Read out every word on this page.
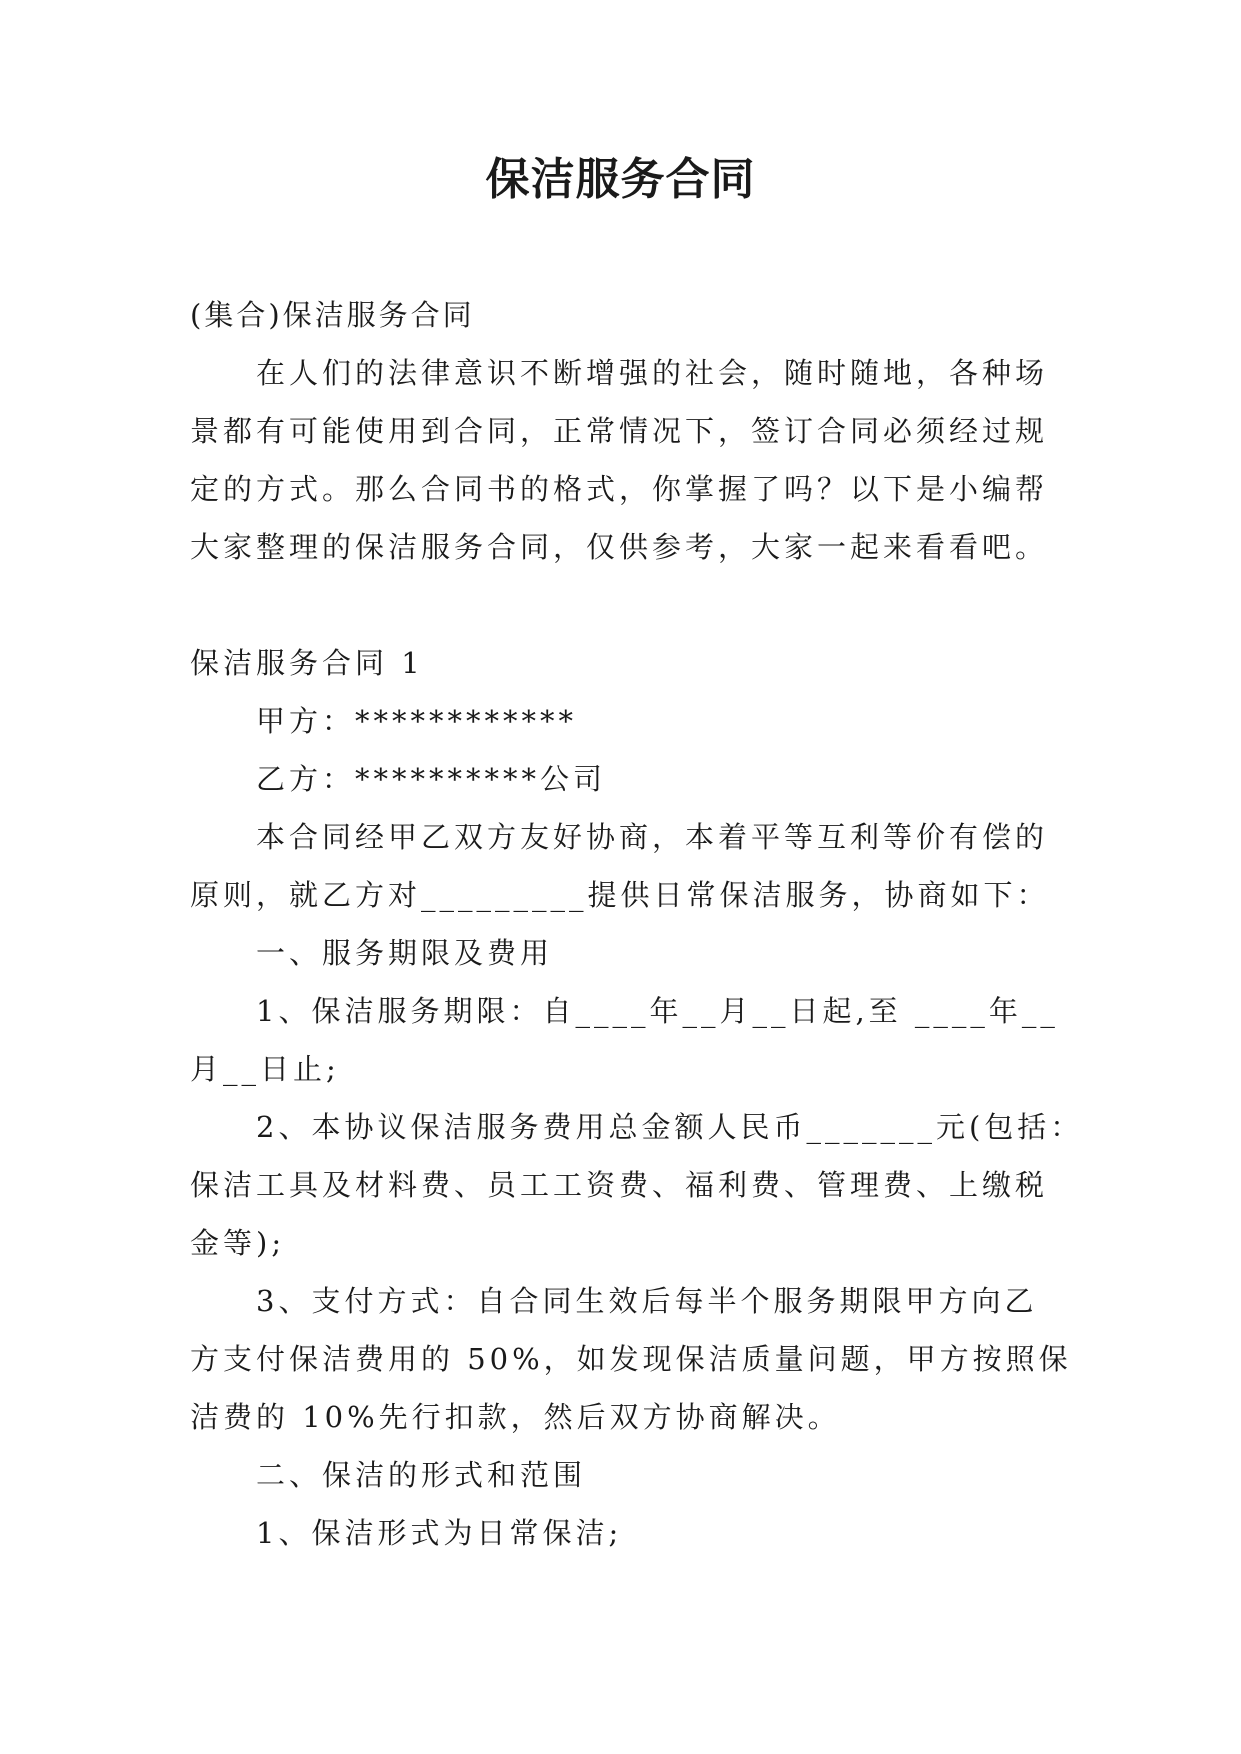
保洁服务合同
(集合)保洁服务合同
在人们的法律意识不断增强的社会，随时随地，各种场
景都有可能使用到合同，正常情况下，签订合同必须经过规
定的方式。那么合同书的格式，你掌握了吗？以下是小编帮
大家整理的保洁服务合同，仅供参考，大家一起来看看吧。
保洁服务合同 1
甲方：************
乙方：**********公司
本合同经甲乙双方友好协商，本着平等互利等价有偿的
原则，就乙方对_________提供日常保洁服务，协商如下：
一、服务期限及费用
1、保洁服务期限：自____年__月__日起,至 ____年__
月__日止;
2、本协议保洁服务费用总金额人民币_______元(包括：
保洁工具及材料费、员工工资费、福利费、管理费、上缴税
金等);
3、支付方式：自合同生效后每半个服务期限甲方向乙
方支付保洁费用的 50%，如发现保洁质量问题，甲方按照保
洁费的 10%先行扣款，然后双方协商解决。
二、保洁的形式和范围
1、保洁形式为日常保洁;
